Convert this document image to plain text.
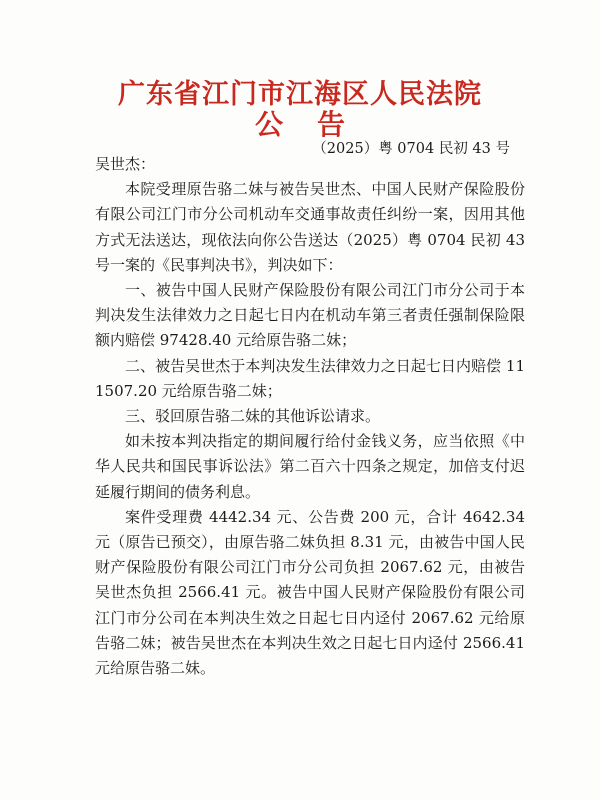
广东省江门市江海区人民法院
公告
（2025）粤 0704 民初 43 号

吴世杰：

本院受理原告骆二妹与被告吴世杰、中国人民财产保险股份有限公司江门市分公司机动车交通事故责任纠纷一案，因用其他方式无法送达，现依法向你公告送达（2025）粤 0704 民初 43 号一案的《民事判决书》，判决如下：

一、被告中国人民财产保险股份有限公司江门市分公司于本判决发生法律效力之日起七日内在机动车第三者责任强制保险限额内赔偿 97428.40 元给原告骆二妹；

二、被告吴世杰于本判决发生法律效力之日起七日内赔偿 111507.20 元给原告骆二妹；

三、驳回原告骆二妹的其他诉讼请求。

如未按本判决指定的期间履行给付金钱义务，应当依照《中华人民共和国民事诉讼法》第二百六十四条之规定，加倍支付迟延履行期间的债务利息。

案件受理费 4442.34 元、公告费 200 元，合计 4642.34 元（原告已预交），由原告骆二妹负担 8.31 元，由被告中国人民财产保险股份有限公司江门市分公司负担 2067.62 元，由被告吴世杰负担 2566.41 元。被告中国人民财产保险股份有限公司江门市分公司在本判决生效之日起七日内迳付 2067.62 元给原告骆二妹；被告吴世杰在本判决生效之日起七日内迳付 2566.41 元给原告骆二妹。
